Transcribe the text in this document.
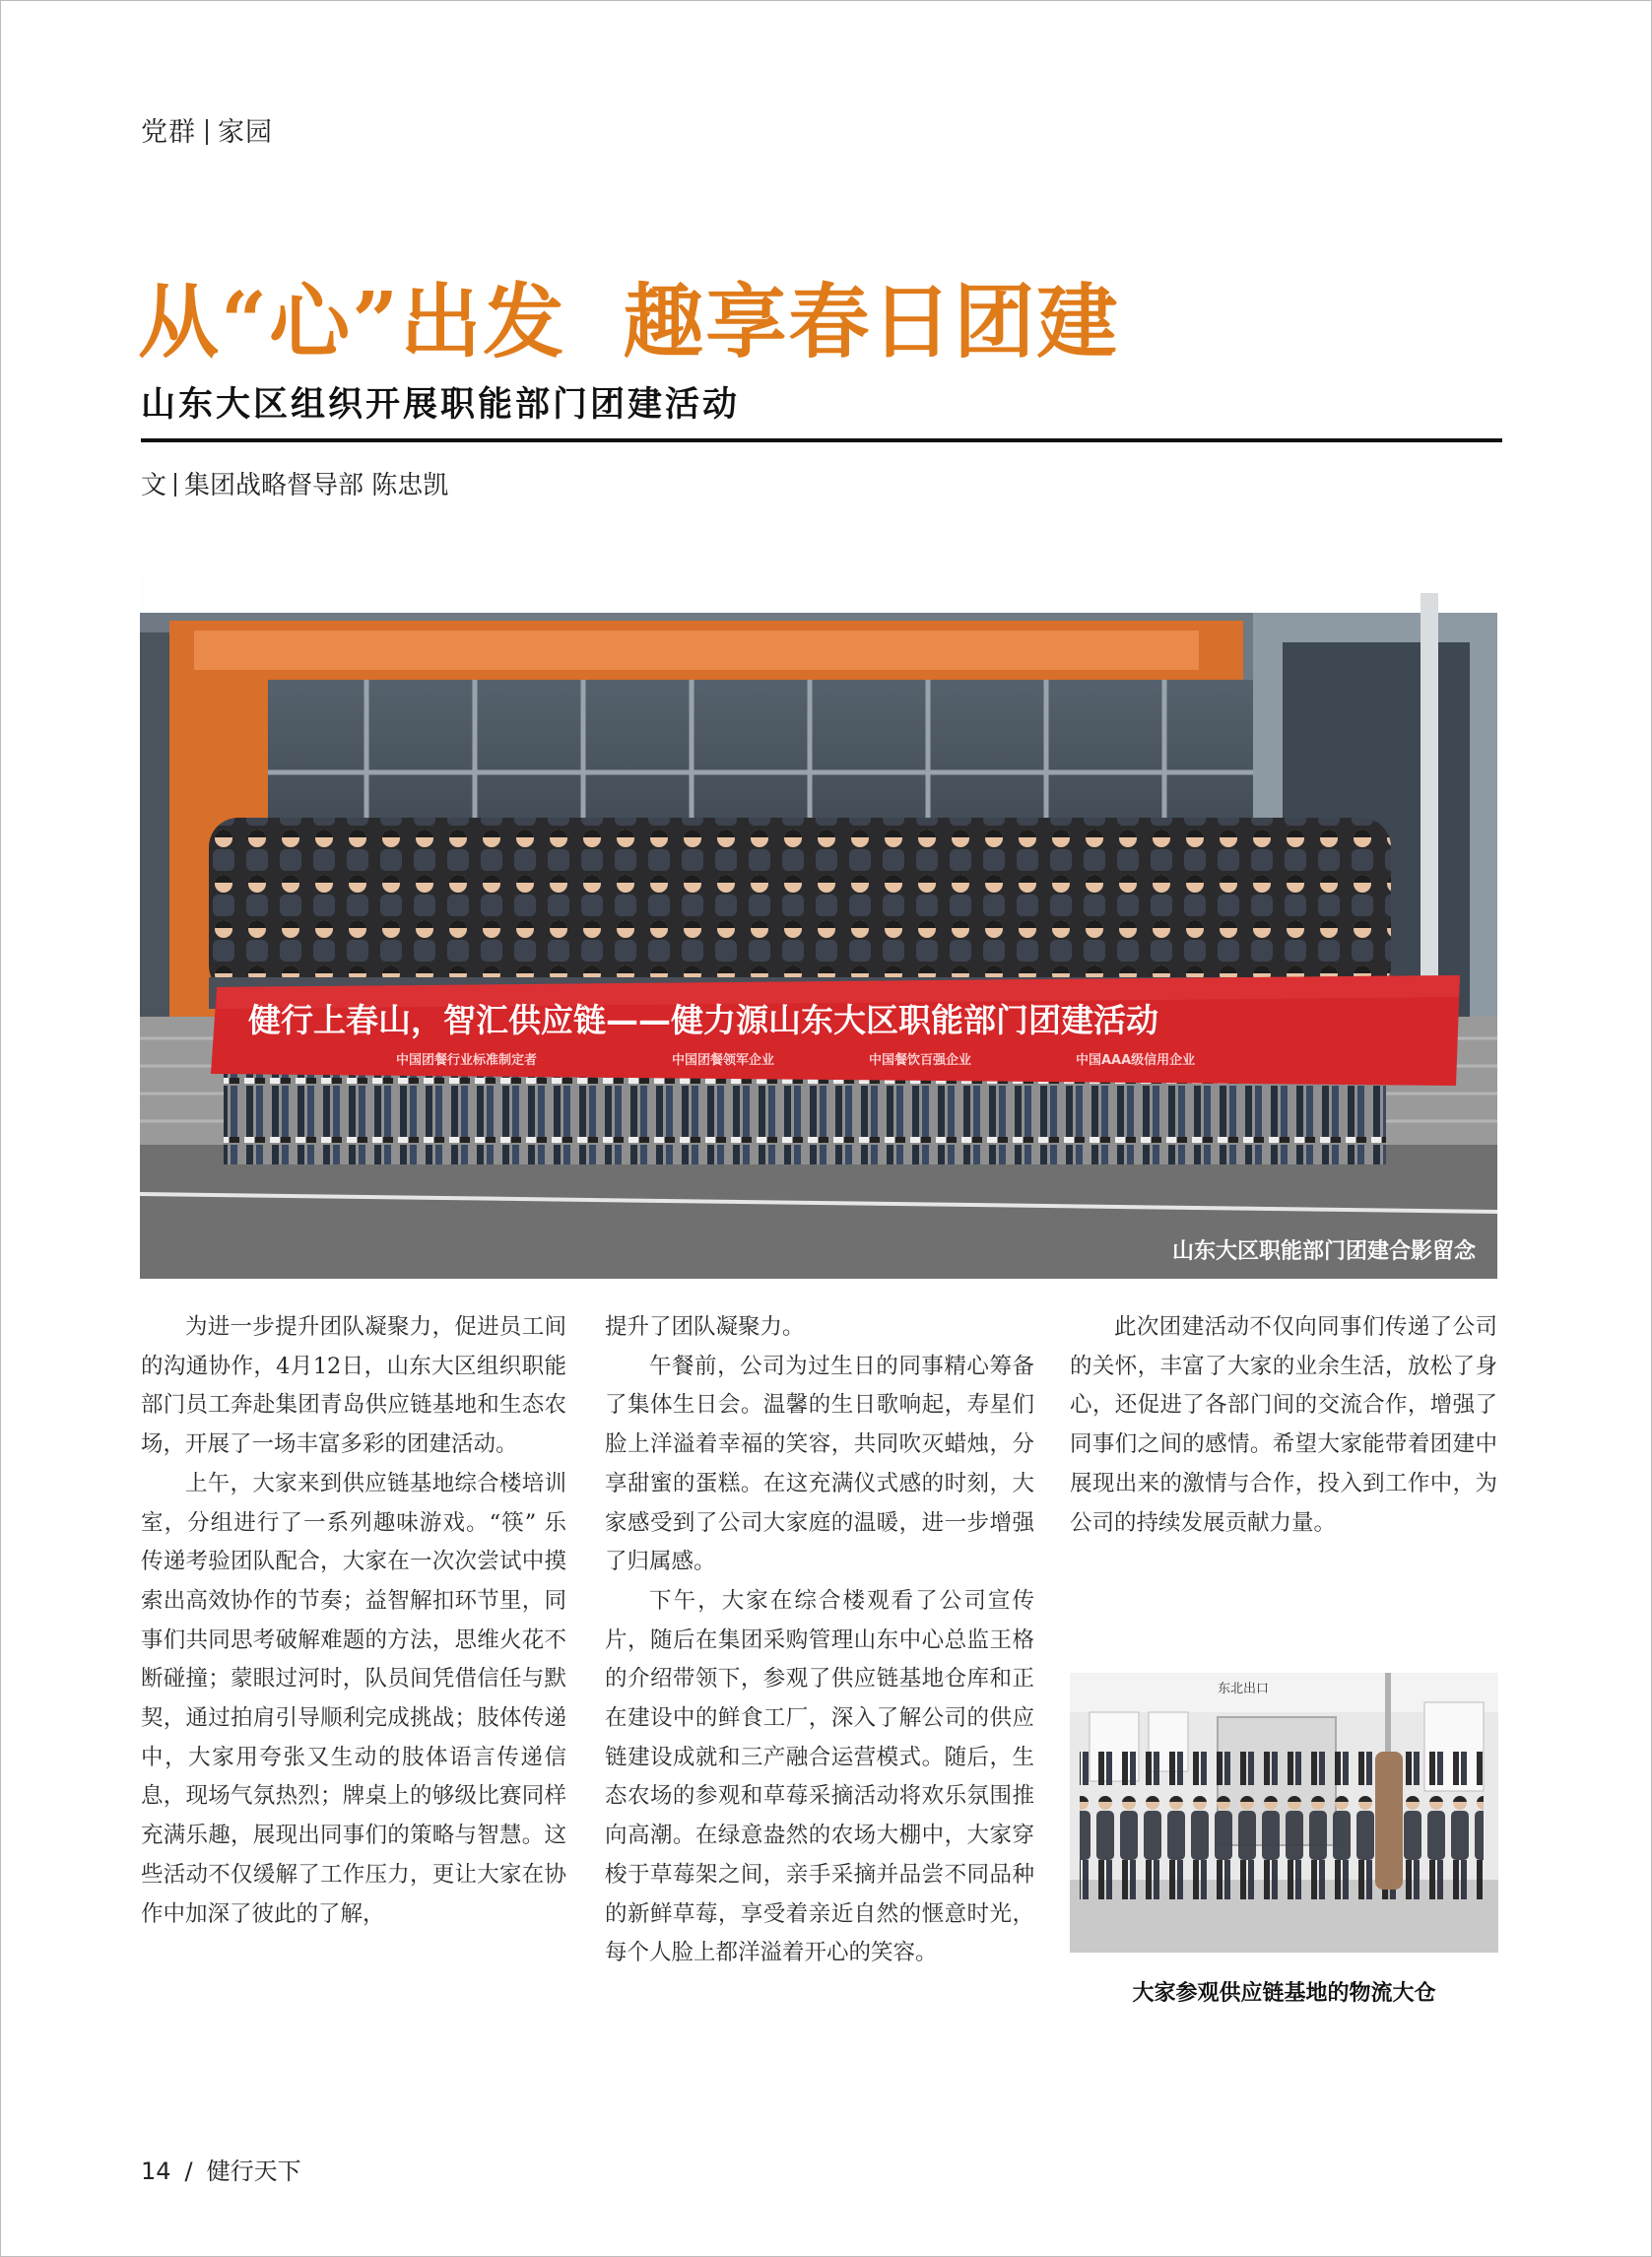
党群 家园
从“心”出发 趣享春日团建
山东大区组织开展职能部门团建活动
文 集团战略督导部 陈忠凯
健行上春山，智汇供应链——健力源山东大区职能部门团建活动
中国团餐行业标准制定者	中国团餐领军企业	中国餐饮百强企业	中国AAA级信用企业
山东大区职能部门团建合影留念

为进一步提升团队凝聚力，促进员工间的沟通协作，4月12日，山东大区组织职能部门员工奔赴集团青岛供应链基地和生态农场，开展了一场丰富多彩的团建活动。

上午，大家来到供应链基地综合楼培训室，分组进行了一系列趣味游戏。“筷” 乐传递考验团队配合，大家在一次次尝试中摸索出高效协作的节奏；益智解扣环节里，同事们共同思考破解难题的方法，思维火花不断碰撞；蒙眼过河时，队员间凭借信任与默契，通过拍肩引导顺利完成挑战；肢体传递中，大家用夸张又生动的肢体语言传递信息，现场气氛热烈；牌桌上的够级比赛同样充满乐趣，展现出同事们的策略与智慧。这些活动不仅缓解了工作压力，更让大家在协作中加深了彼此的了解，

提升了团队凝聚力。

午餐前，公司为过生日的同事精心筹备了集体生日会。温馨的生日歌响起，寿星们脸上洋溢着幸福的笑容，共同吹灭蜡烛，分享甜蜜的蛋糕。在这充满仪式感的时刻，大家感受到了公司大家庭的温暖，进一步增强了归属感。

下午，大家在综合楼观看了公司宣传片，随后在集团采购管理山东中心总监王格的介绍带领下，参观了供应链基地仓库和正在建设中的鲜食工厂，深入了解公司的供应链建设成就和三产融合运营模式。随后，生态农场的参观和草莓采摘活动将欢乐氛围推向高潮。在绿意盎然的农场大棚中，大家穿梭于草莓架之间，亲手采摘并品尝不同品种的新鲜草莓，享受着亲近自然的惬意时光，每个人脸上都洋溢着开心的笑容。

此次团建活动不仅向同事们传递了公司的关怀，丰富了大家的业余生活，放松了身心，还促进了各部门间的交流合作，增强了同事们之间的感情。希望大家能带着团建中展现出来的激情与合作，投入到工作中，为公司的持续发展贡献力量。

东北出口
大家参观供应链基地的物流大仓
14 / 健行天下
